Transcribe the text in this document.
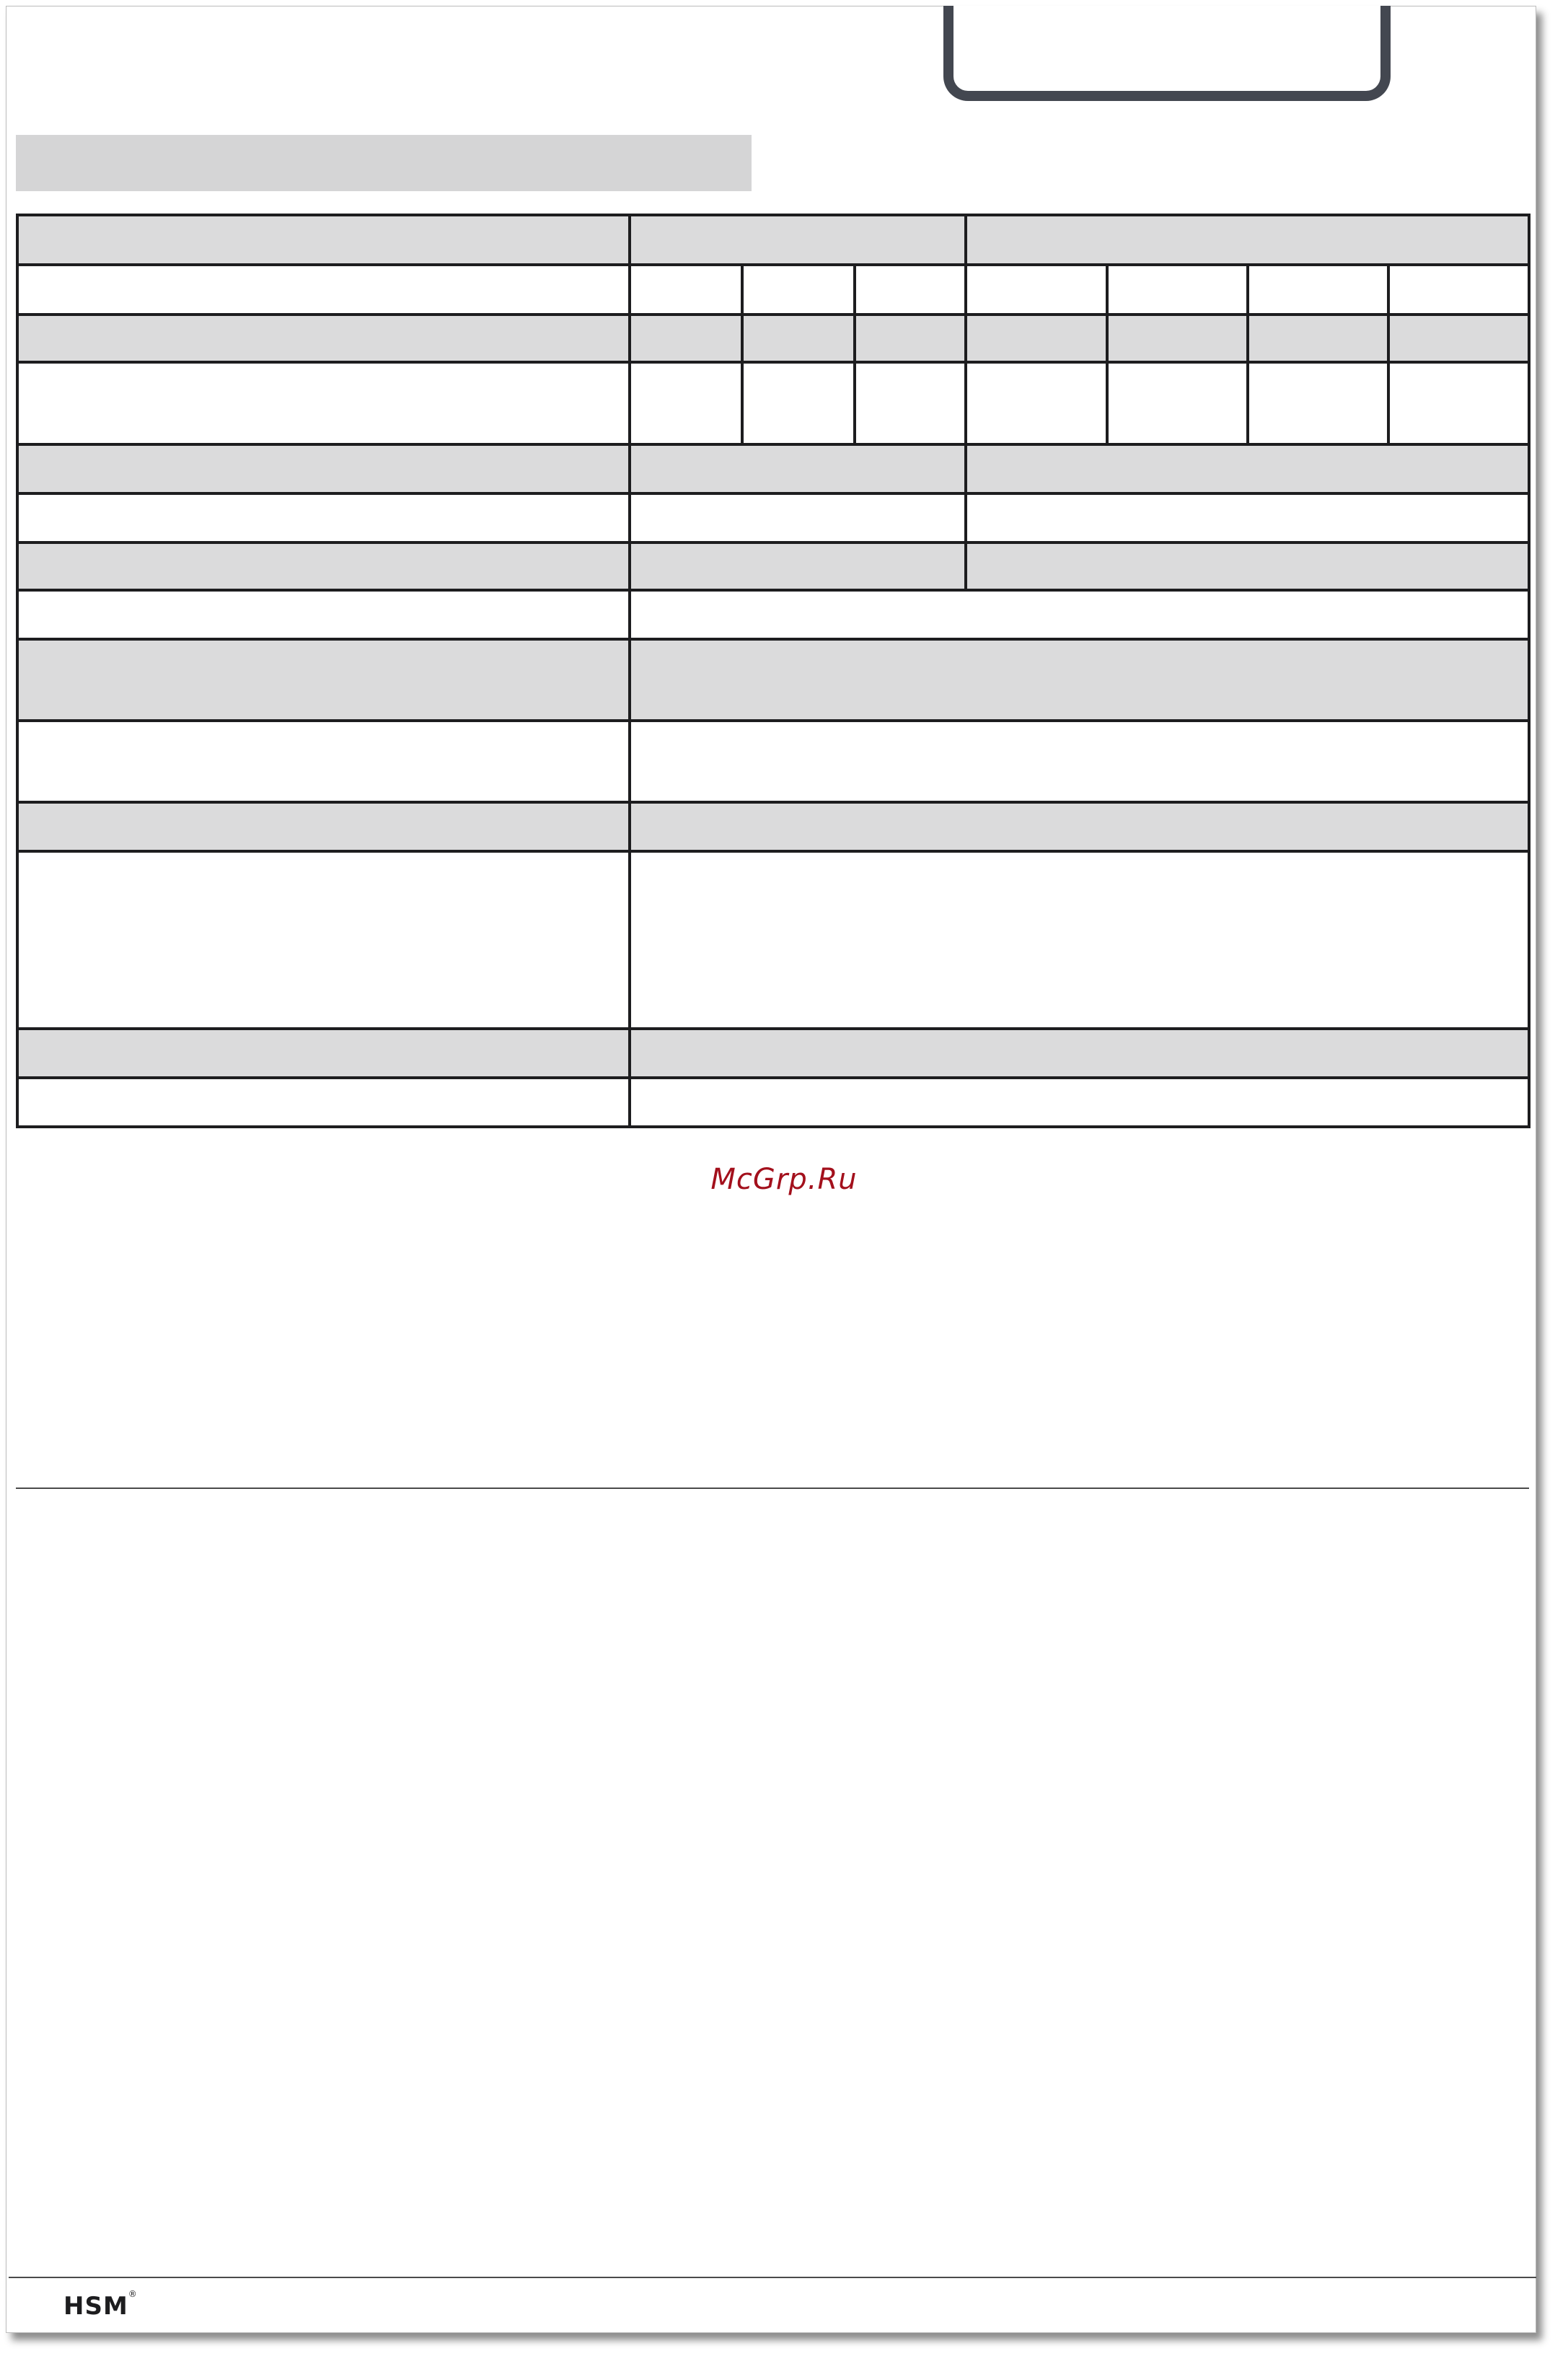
McGrp.Ru
HSM®
